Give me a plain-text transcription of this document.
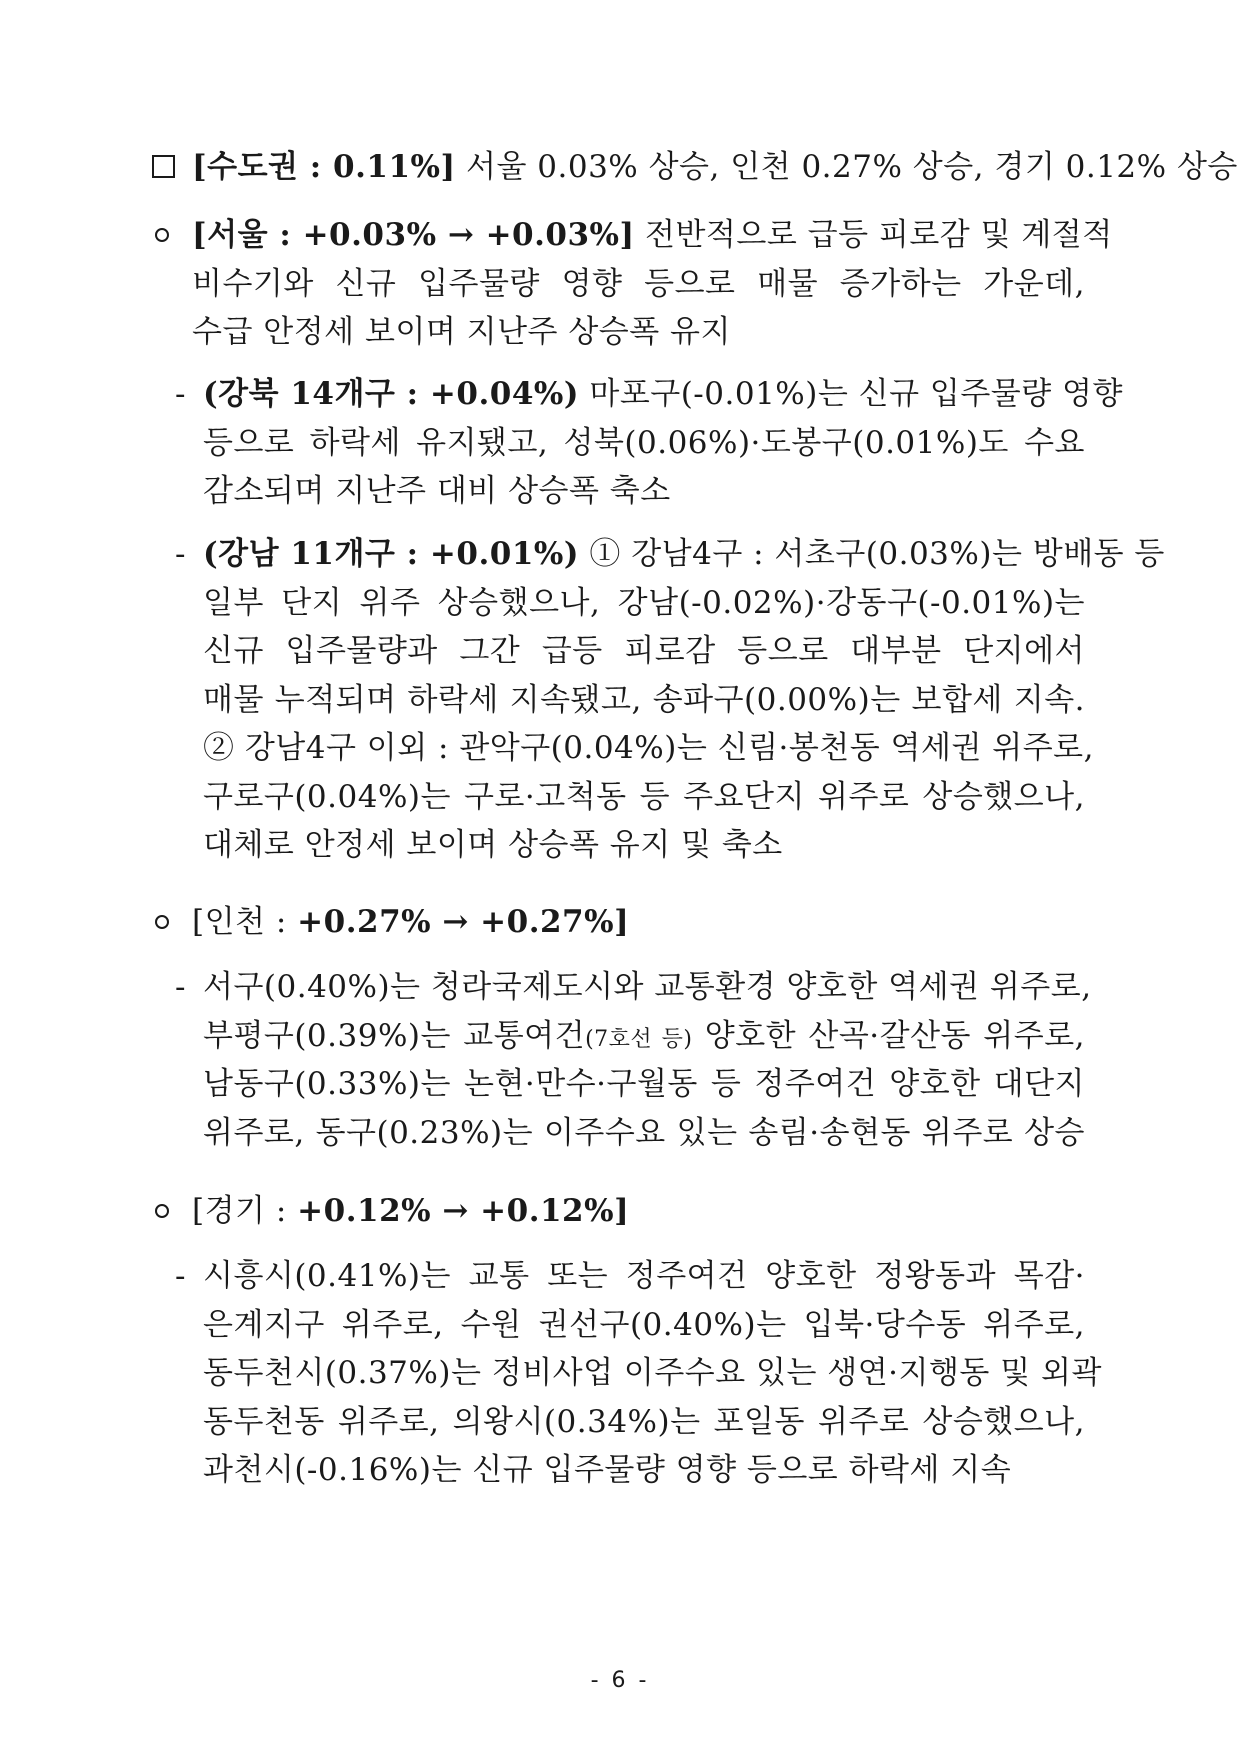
[수도권 : 0.11%] 서울 0.03% 상승, 인천 0.27% 상승, 경기 0.12% 상승
[서울 : +0.03% → +0.03%] 전반적으로 급등 피로감 및 계절적
비수기와 신규 입주물량 영향 등으로 매물 증가하는 가운데,
수급 안정세 보이며 지난주 상승폭 유지
- (강북 14개구 : +0.04%) 마포구(-0.01%)는 신규 입주물량 영향
등으로 하락세 유지됐고, 성북(0.06%)·도봉구(0.01%)도 수요
감소되며 지난주 대비 상승폭 축소
- (강남 11개구 : +0.01%) ① 강남4구 : 서초구(0.03%)는 방배동 등
일부 단지 위주 상승했으나, 강남(-0.02%)·강동구(-0.01%)는
신규 입주물량과 그간 급등 피로감 등으로 대부분 단지에서
매물 누적되며 하락세 지속됐고, 송파구(0.00%)는 보합세 지속.
② 강남4구 이외 : 관악구(0.04%)는 신림·봉천동 역세권 위주로,
구로구(0.04%)는 구로·고척동 등 주요단지 위주로 상승했으나,
대체로 안정세 보이며 상승폭 유지 및 축소
[인천 : +0.27% → +0.27%]
- 서구(0.40%)는 청라국제도시와 교통환경 양호한 역세권 위주로,
부평구(0.39%)는 교통여건(7호선 등) 양호한 산곡·갈산동 위주로,
남동구(0.33%)는 논현·만수·구월동 등 정주여건 양호한 대단지
위주로, 동구(0.23%)는 이주수요 있는 송림·송현동 위주로 상승
[경기 : +0.12% → +0.12%]
- 시흥시(0.41%)는 교통 또는 정주여건 양호한 정왕동과 목감·
은계지구 위주로, 수원 권선구(0.40%)는 입북·당수동 위주로,
동두천시(0.37%)는 정비사업 이주수요 있는 생연·지행동 및 외곽
동두천동 위주로, 의왕시(0.34%)는 포일동 위주로 상승했으나,
과천시(-0.16%)는 신규 입주물량 영향 등으로 하락세 지속
- 6 -
